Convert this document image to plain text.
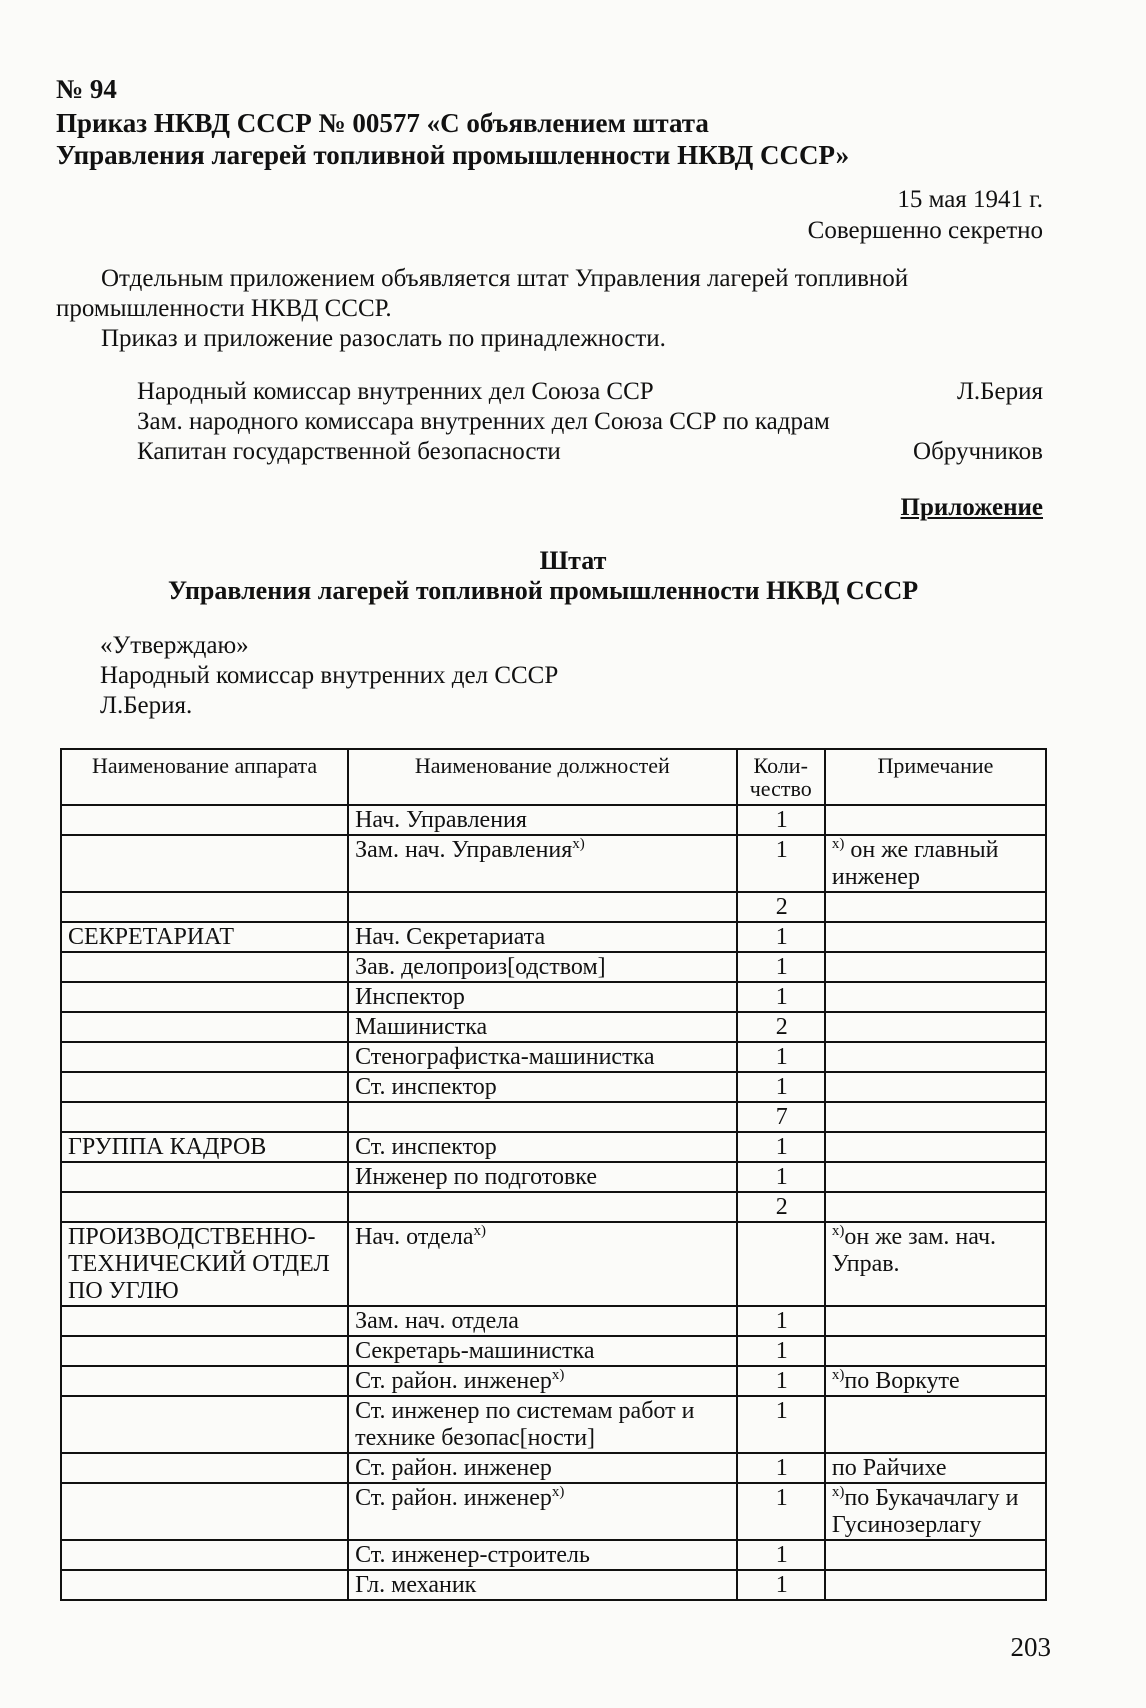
№ 94
Приказ НКВД СССР № 00577 «С объявлением штата
Управления лагерей топливной промышленности НКВД СССР»
15 мая 1941 г.
Совершенно секретно
Отдельным приложением объявляется штат Управления лагерей топливной промышленности НКВД СССР.
Приказ и приложение разослать по принадлежности.
Народный комиссар внутренних дел Союза ССР	Л.Берия
Зам. народного комиссара внутренних дел Союза ССР по кадрам
Капитан государственной безопасности	Обручников
Приложение
Штат
Управления лагерей топливной промышленности НКВД СССР
«Утверждаю»
Народный комиссар внутренних дел СССР
Л.Берия.
Наименование аппарата	Наименование должностей	Коли-чество	Примечание
	Нач. Управления	1	
	Зам. нач. Управления$^{x)}$	1	$^{x)}$ он же главный инженер
		2	
СЕКРЕТАРИАТ	Нач. Секретариата	1	
	Зав. делопроиз[одством]	1	
	Инспектор	1	
	Машинистка	2	
	Стенографистка-машинистка	1	
	Ст. инспектор	1	
		7	
ГРУППА КАДРОВ	Ст. инспектор	1	
	Инженер по подготовке	1	
		2	
ПРОИЗВОДСТВЕННО-ТЕХНИЧЕСКИЙ ОТДЕЛ ПО УГЛЮ	Нач. отдела$^{x)}$		$^{x)}$он же зам. нач. Управ.
	Зам. нач. отдела	1	
	Секретарь-машинистка	1	
	Ст. район. инженер$^{x)}$	1	$^{x)}$по Воркуте
	Ст. инженер по системам работ и технике безопас[ности]	1	
	Ст. район. инженер	1	по Райчихе
	Ст. район. инженер$^{x)}$	1	$^{x)}$по Букачачлагу и Гусинозерлагу
	Ст. инженер-строитель	1	
	Гл. механик	1	
203
